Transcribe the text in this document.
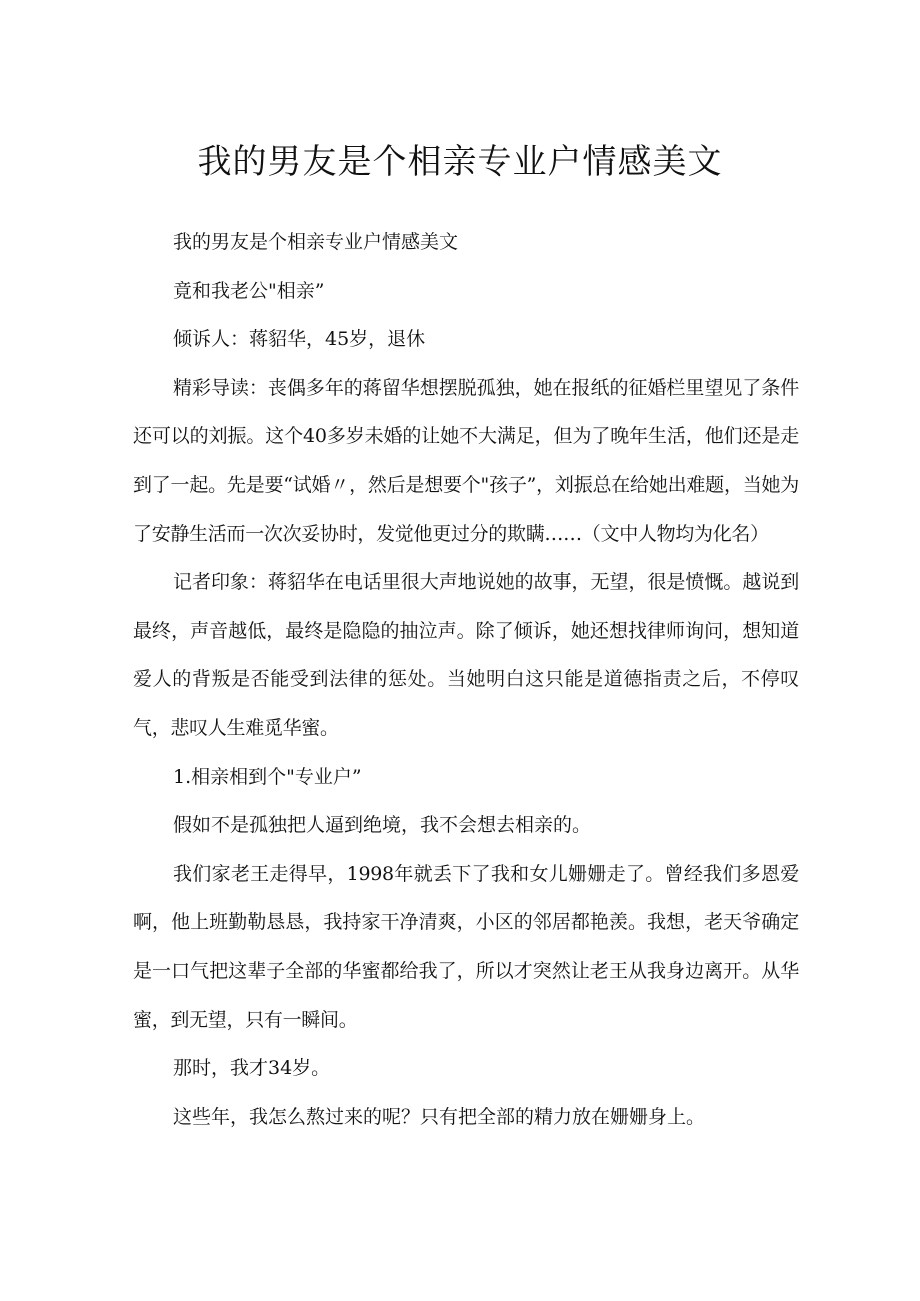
我的男友是个相亲专业户情感美文

我的男友是个相亲专业户情感美文

竟和我老公"相亲”

倾诉人：蒋貂华，45岁，退休

精彩导读：丧偶多年的蒋留华想摆脱孤独，她在报纸的征婚栏里望见了条件还可以的刘振。这个40多岁未婚的让她不大满足，但为了晚年生活，他们还是走到了一起。先是要“试婚〃，然后是想要个"孩子”，刘振总在给她出难题，当她为了安静生活而一次次妥协时，发觉他更过分的欺瞒……（文中人物均为化名）

记者印象：蒋貂华在电话里很大声地说她的故事，无望，很是愤慨。越说到最终，声音越低，最终是隐隐的抽泣声。除了倾诉，她还想找律师询问，想知道爱人的背叛是否能受到法律的惩处。当她明白这只能是道德指责之后，不停叹气，悲叹人生难觅华蜜。

1.相亲相到个"专业户”

假如不是孤独把人逼到绝境，我不会想去相亲的。

我们家老王走得早，1998年就丢下了我和女儿姗姗走了。曾经我们多恩爱啊，他上班勤勒恳恳，我持家干净清爽，小区的邻居都艳羡。我想，老天爷确定是一口气把这辈子全部的华蜜都给我了，所以才突然让老王从我身边离开。从华蜜，到无望，只有一瞬间。

那时，我才34岁。

这些年，我怎么熬过来的呢？只有把全部的精力放在姗姗身上。
